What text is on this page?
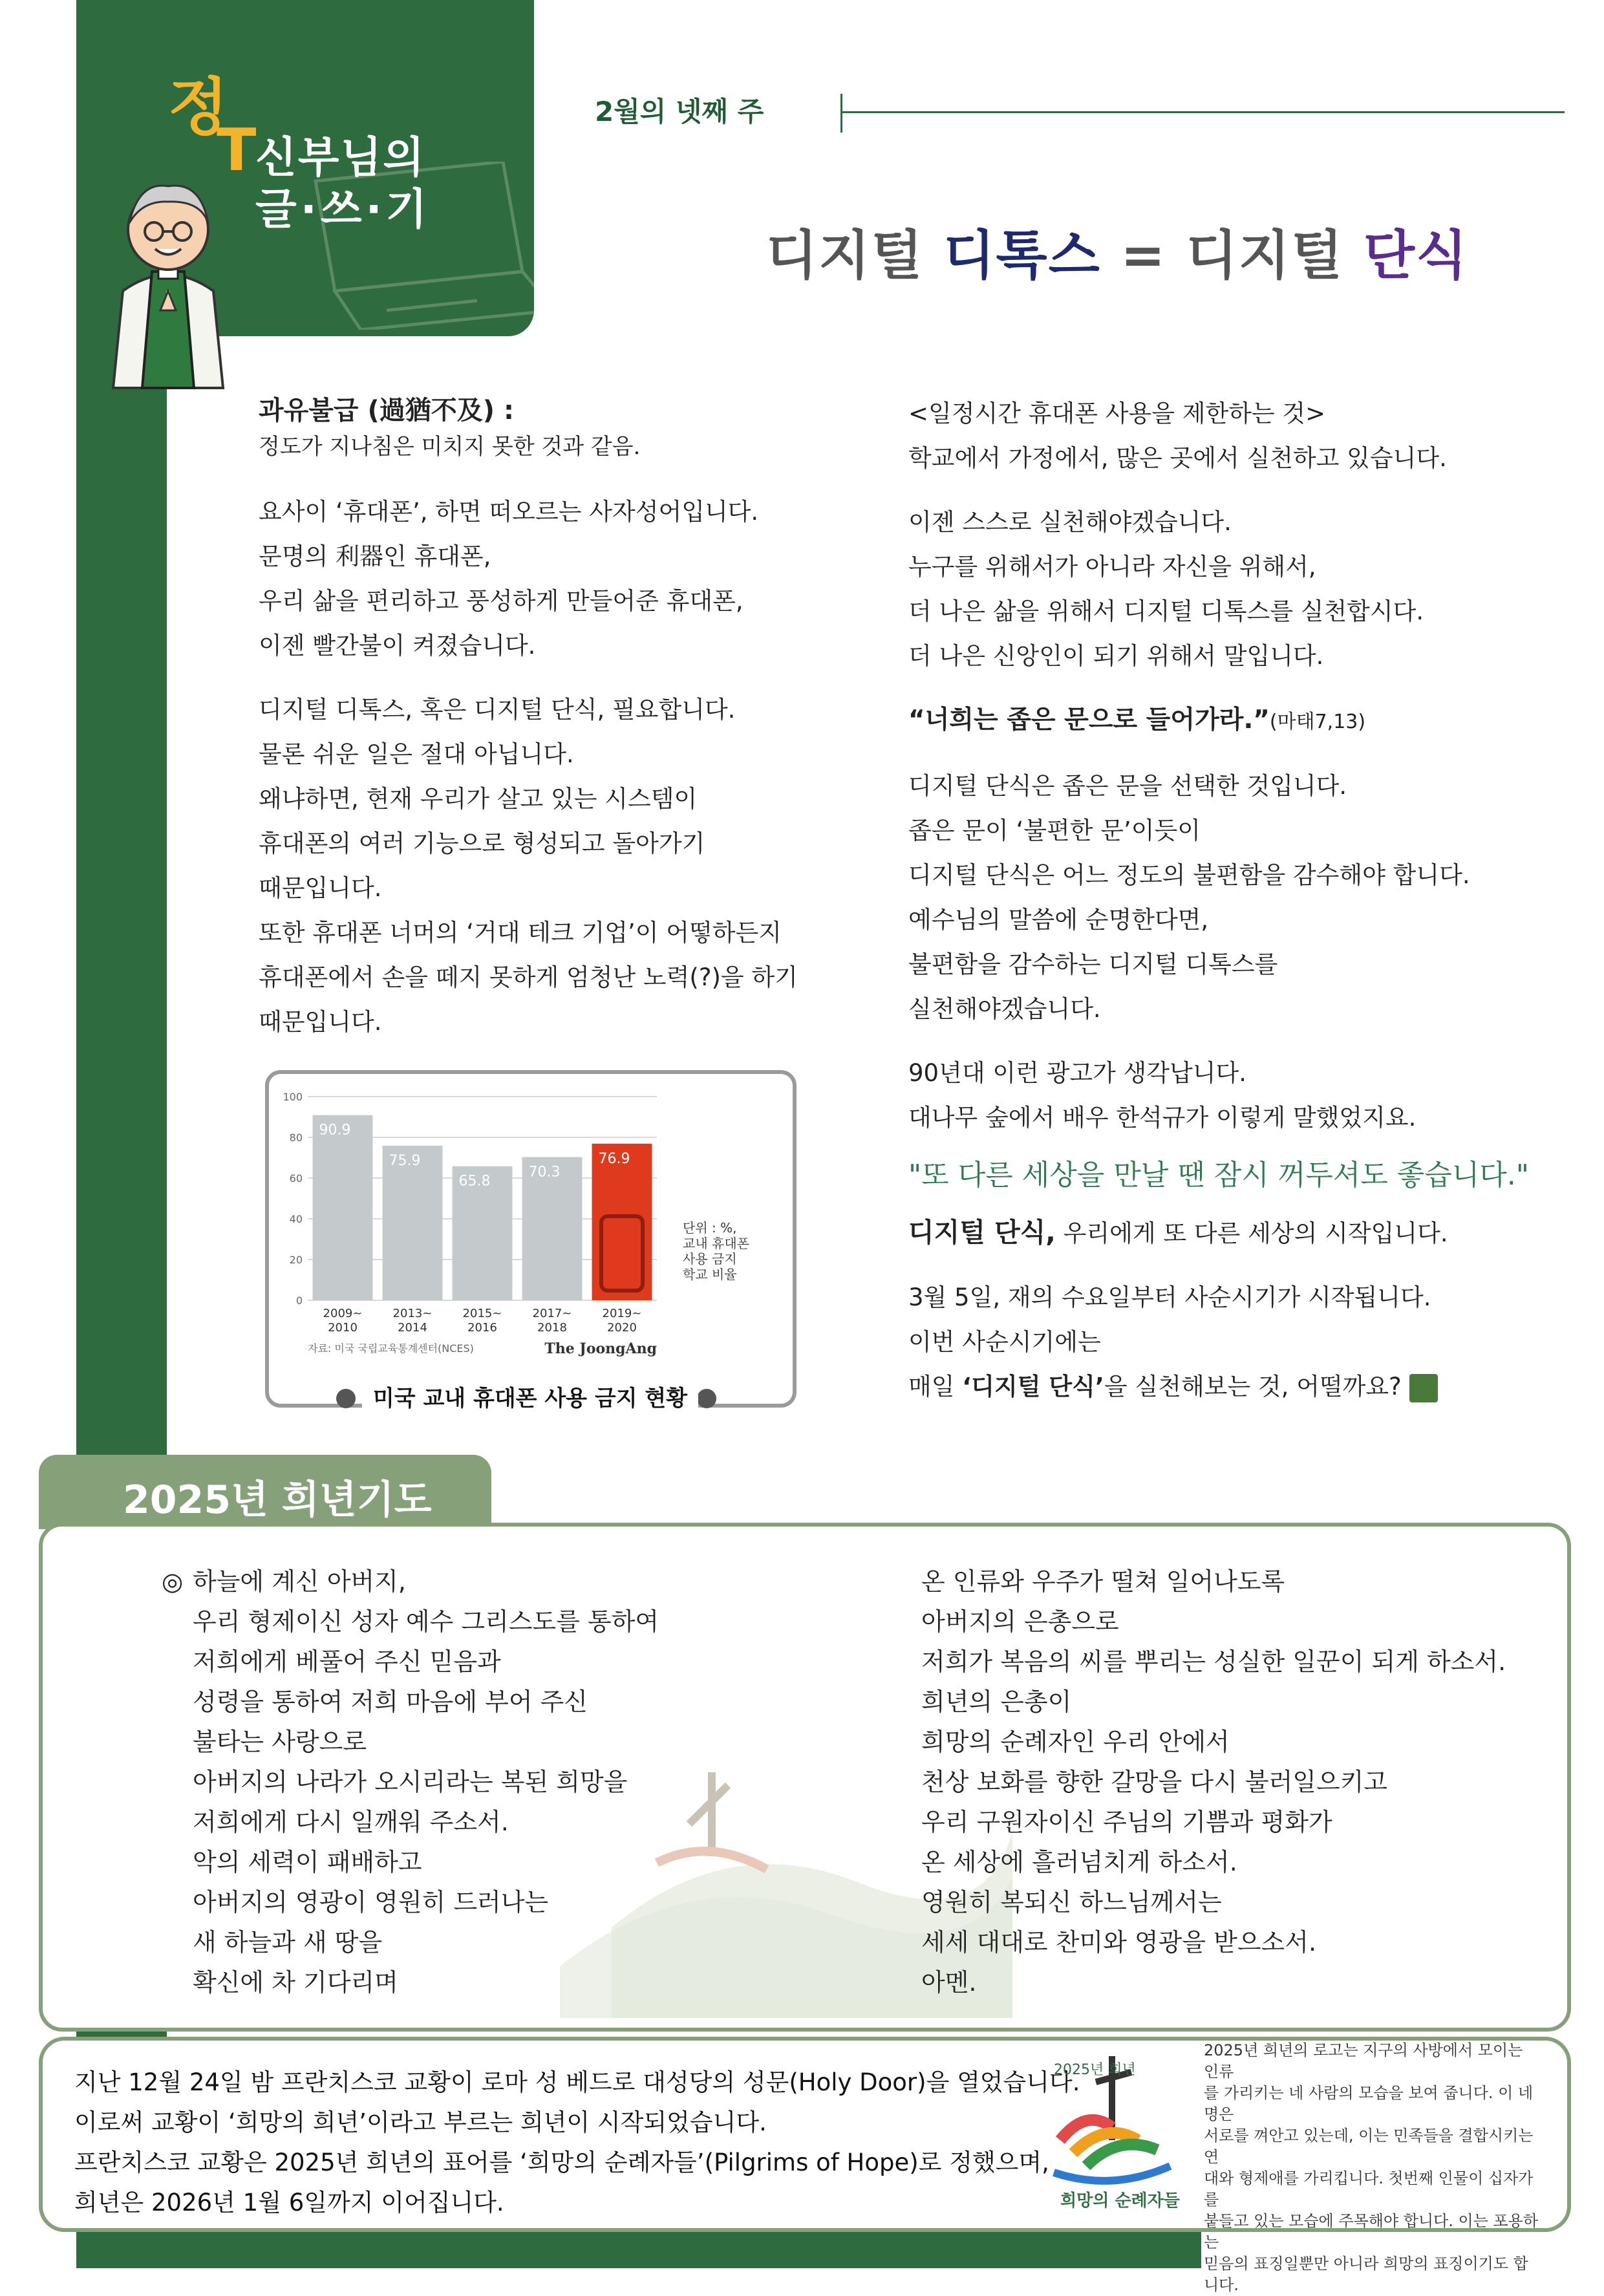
정
T
신부님의
글·쓰·기
2월의 넷째 주
디지털 디톡스 = 디지털 단식

과유불급 (過猶不及) :

정도가 지나침은 미치지 못한 것과 같음.

요사이 ‘휴대폰’, 하면 떠오르는 사자성어입니다.

문명의 利器인 휴대폰,

우리 삶을 편리하고 풍성하게 만들어준 휴대폰,

이젠 빨간불이 켜졌습니다.

디지털 디톡스, 혹은 디지털 단식, 필요합니다.

물론 쉬운 일은 절대 아닙니다.

왜냐하면, 현재 우리가 살고 있는 시스템이

휴대폰의 여러 기능으로 형성되고 돌아가기

때문입니다.

또한 휴대폰 너머의 ‘거대 테크 기업’이 어떻하든지

휴대폰에서 손을 떼지 못하게 엄청난 노력(?)을 하기

때문입니다.

0
20
40
60
80
100
90.9
2009~
2010
75.9
2013~
2014
65.8
2015~
2016
70.3
2017~
2018
76.9
2019~
2020
단위 : %,
교내 휴대폰
사용 금지
학교 비율
자료: 미국 국립교육통계센터(NCES)	The JoongAng
미국 교내 휴대폰 사용 금지 현황

<일정시간 휴대폰 사용을 제한하는 것>

학교에서 가정에서, 많은 곳에서 실천하고 있습니다.

이젠 스스로 실천해야겠습니다.

누구를 위해서가 아니라 자신을 위해서,

더 나은 삶을 위해서 디지털 디톡스를 실천합시다.

더 나은 신앙인이 되기 위해서 말입니다.

“너희는 좁은 문으로 들어가라.”(마태7,13)

디지털 단식은 좁은 문을 선택한 것입니다.

좁은 문이 ‘불편한 문’이듯이

디지털 단식은 어느 정도의 불편함을 감수해야 합니다.

예수님의 말씀에 순명한다면,

불편함을 감수하는 디지털 디톡스를

실천해야겠습니다.

90년대 이런 광고가 생각납니다.

대나무 숲에서 배우 한석규가 이렇게 말했었지요.

"또 다른 세상을 만날 땐 잠시 꺼두셔도 좋습니다."

디지털 단식, 우리에게 또 다른 세상의 시작입니다.

3월 5일, 재의 수요일부터 사순시기가 시작됩니다.

이번 사순시기에는

매일 ‘디지털 단식’을 실천해보는 것, 어떨까요?

2025년 희년기도
◎ 하늘에 계신 아버지,

우리 형제이신 성자 예수 그리스도를 통하여

저희에게 베풀어 주신 믿음과

성령을 통하여 저희 마음에 부어 주신

불타는 사랑으로

아버지의 나라가 오시리라는 복된 희망을

저희에게 다시 일깨워 주소서.

악의 세력이 패배하고

아버지의 영광이 영원히 드러나는

새 하늘과 새 땅을

확신에 차 기다리며

온 인류와 우주가 떨쳐 일어나도록

아버지의 은총으로

저희가 복음의 씨를 뿌리는 성실한 일꾼이 되게 하소서.

희년의 은총이

희망의 순례자인 우리 안에서

천상 보화를 향한 갈망을 다시 불러일으키고

우리 구원자이신 주님의 기쁨과 평화가

온 세상에 흘러넘치게 하소서.

영원히 복되신 하느님께서는

세세 대대로 찬미와 영광을 받으소서.

아멘.

지난 12월 24일 밤 프란치스코 교황이 로마 성 베드로 대성당의 성문(Holy Door)을 열었습니다.

이로써 교황이 ‘희망의 희년’이라고 부르는 희년이 시작되었습니다.

프란치스코 교황은 2025년 희년의 표어를 ‘희망의 순례자들’(Pilgrims of Hope)로 정했으며,

희년은 2026년 1월 6일까지 이어집니다.

2025년 희년
희망의 순례자들

2025년 희년의 로고는 지구의 사방에서 모이는 인류

를 가리키는 네 사람의 모습을 보여 줍니다. 이 네 명은

서로를 껴안고 있는데, 이는 민족들을 결합시키는 연

대와 형제애를 가리킵니다. 첫번째 인물이 십자가를

붙들고 있는 모습에 주목해야 합니다. 이는 포용하는

믿음의 표징일뿐만 아니라 희망의 표징이기도 합니다.
